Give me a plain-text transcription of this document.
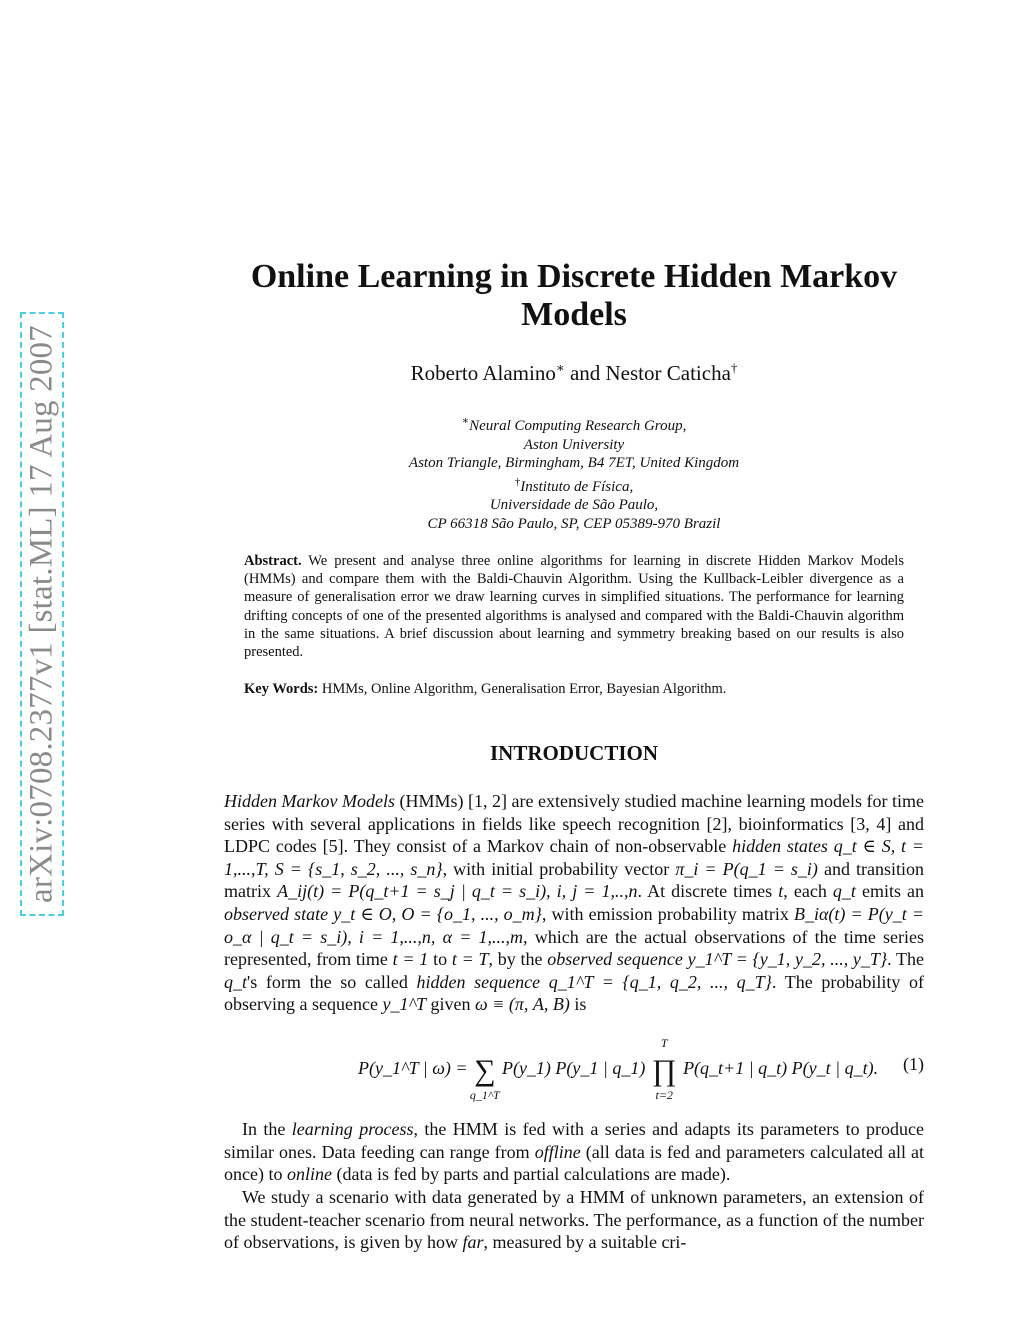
arXiv:0708.2377v1 [stat.ML] 17 Aug 2007
Online Learning in Discrete Hidden Markov Models
Roberto Alamino∗ and Nestor Caticha†
∗Neural Computing Research Group,
Aston University
Aston Triangle, Birmingham, B4 7ET, United Kingdom
†Instituto de Física,
Universidade de São Paulo,
CP 66318 São Paulo, SP, CEP 05389-970 Brazil
Abstract. We present and analyse three online algorithms for learning in discrete Hidden Markov Models (HMMs) and compare them with the Baldi-Chauvin Algorithm. Using the Kullback-Leibler divergence as a measure of generalisation error we draw learning curves in simplified situations. The performance for learning drifting concepts of one of the presented algorithms is analysed and compared with the Baldi-Chauvin algorithm in the same situations. A brief discussion about learning and symmetry breaking based on our results is also presented.
Key Words: HMMs, Online Algorithm, Generalisation Error, Bayesian Algorithm.
INTRODUCTION
Hidden Markov Models (HMMs) [1, 2] are extensively studied machine learning models for time series with several applications in fields like speech recognition [2], bioinformatics [3, 4] and LDPC codes [5]. They consist of a Markov chain of non-observable hidden states q_t ∈ S, t = 1,...,T, S = {s_1, s_2, ..., s_n}, with initial probability vector π_i = P(q_1 = s_i) and transition matrix A_ij(t) = P(q_t+1 = s_j | q_t = s_i), i, j = 1,..,n. At discrete times t, each q_t emits an observed state y_t ∈ O, O = {o_1, ..., o_m}, with emission probability matrix B_iα(t) = P(y_t = o_α | q_t = s_i), i = 1,...,n, α = 1,...,m, which are the actual observations of the time series represented, from time t = 1 to t = T, by the observed sequence y_1^T = {y_1, y_2, ..., y_T}. The q_t's form the so called hidden sequence q_1^T = {q_1, q_2, ..., q_T}. The probability of observing a sequence y_1^T given ω ≡ (π, A, B) is
P(y_1^T | ω) = ∑
q_1^T
P(y_1) P(y_1 | q_1) ∏
T
t=2
P(q_t+1 | q_t) P(y_t | q_t). (1)
In the learning process, the HMM is fed with a series and adapts its parameters to produce similar ones. Data feeding can range from offline (all data is fed and parameters calculated all at once) to online (data is fed by parts and partial calculations are made).
We study a scenario with data generated by a HMM of unknown parameters, an extension of the student-teacher scenario from neural networks. The performance, as a function of the number of observations, is given by how far, measured by a suitable cri-
